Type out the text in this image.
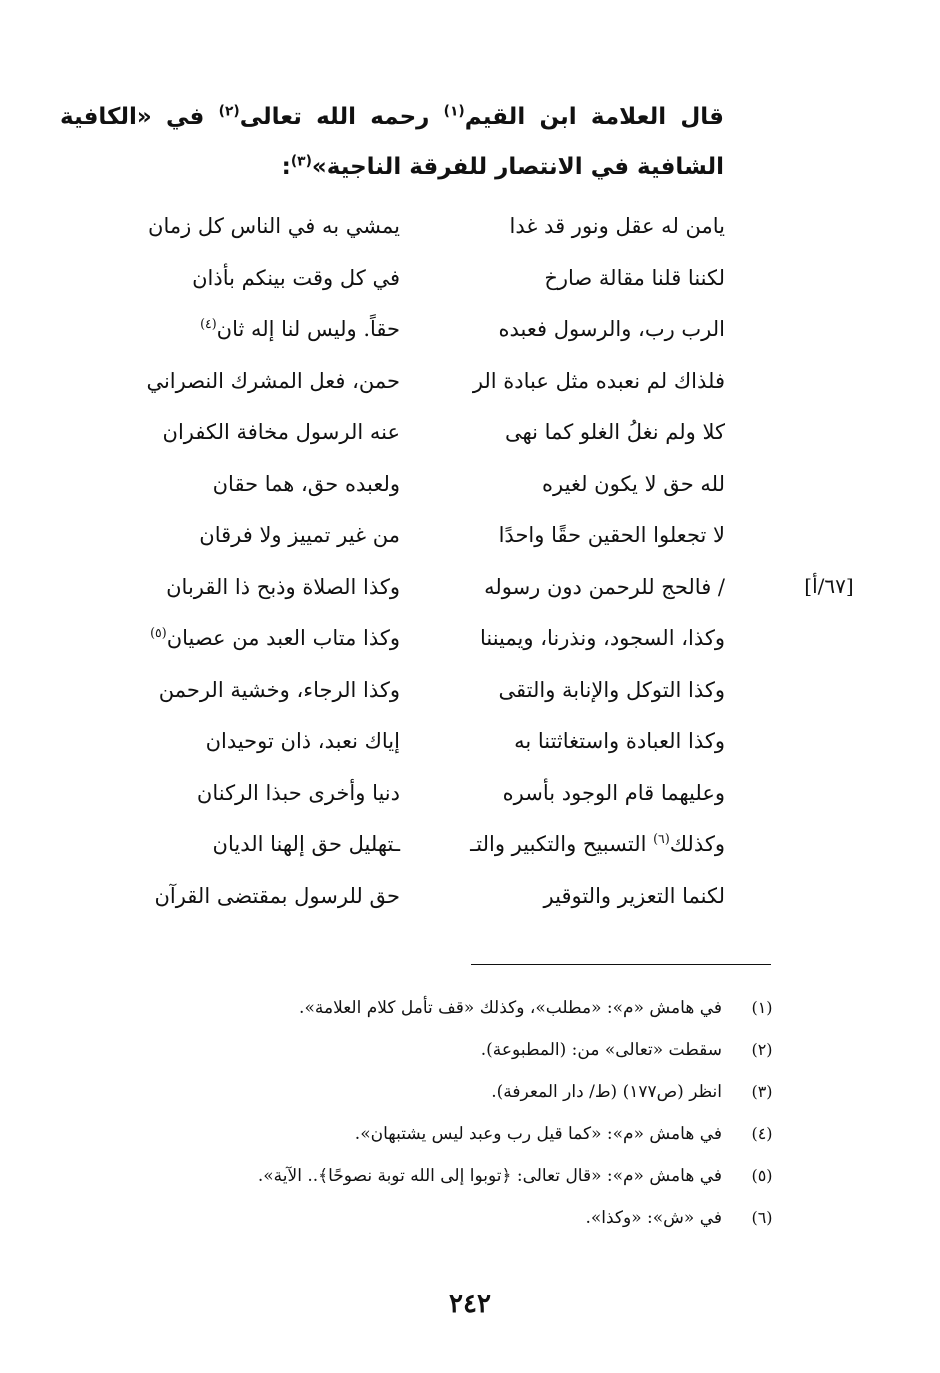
قال العلامة ابن القيم$^{(١)}$ رحمه الله تعالى$^{(٢)}$ في «الكافية الشافية في الانتصار للفرقة الناجية»$^{(٣)}$:
[٦٧/أ]
يامن له عقل ونور قد غدا
يمشي به في الناس كل زمان
لكننا قلنا مقالة صارخ
في كل وقت بينكم بأذان
الرب رب، والرسول فعبده
حقاً. وليس لنا إله ثان$^{(٤)}$
فلذاك لم نعبده مثل عبادة الر
حمن، فعل المشرك النصراني
كلا ولم نغلُ الغلو كما نهى
عنه الرسول مخافة الكفران
لله حق لا يكون لغيره
ولعبده حق، هما حقان
لا تجعلوا الحقين حقًا واحدًا
من غير تمييز ولا فرقان
/ فالحج للرحمن دون رسوله
وكذا الصلاة وذبح ذا القربان
وكذا، السجود، ونذرنا، ويميننا
وكذا متاب العبد من عصيان$^{(٥)}$
وكذا التوكل والإنابة والتقى
وكذا الرجاء، وخشية الرحمن
وكذا العبادة واستغاثتنا به
إياك نعبد، ذان توحيدان
وعليهما قام الوجود بأسره
دنيا وأخرى حبذا الركنان
وكذلك$^{(٦)}$ التسبيح والتكبير والتـ
ـتهليل حق إلهنا الديان
لكنما التعزير والتوقير
حق للرسول بمقتضى القرآن
(١)
في هامش «م»: «مطلب»، وكذلك «قف تأمل كلام العلامة».
(٢)
سقطت «تعالى» من: (المطبوعة).
(٣)
انظر (ص١٧٧) (ط/ دار المعرفة).
(٤)
في هامش «م»: «كما قيل رب وعبد ليس يشتبهان».
(٥)
في هامش «م»: «قال تعالى: ﴿توبوا إلى الله توبة نصوحًا﴾.. الآية».
(٦)
في «ش»: «وكذا».
٢٤٢
